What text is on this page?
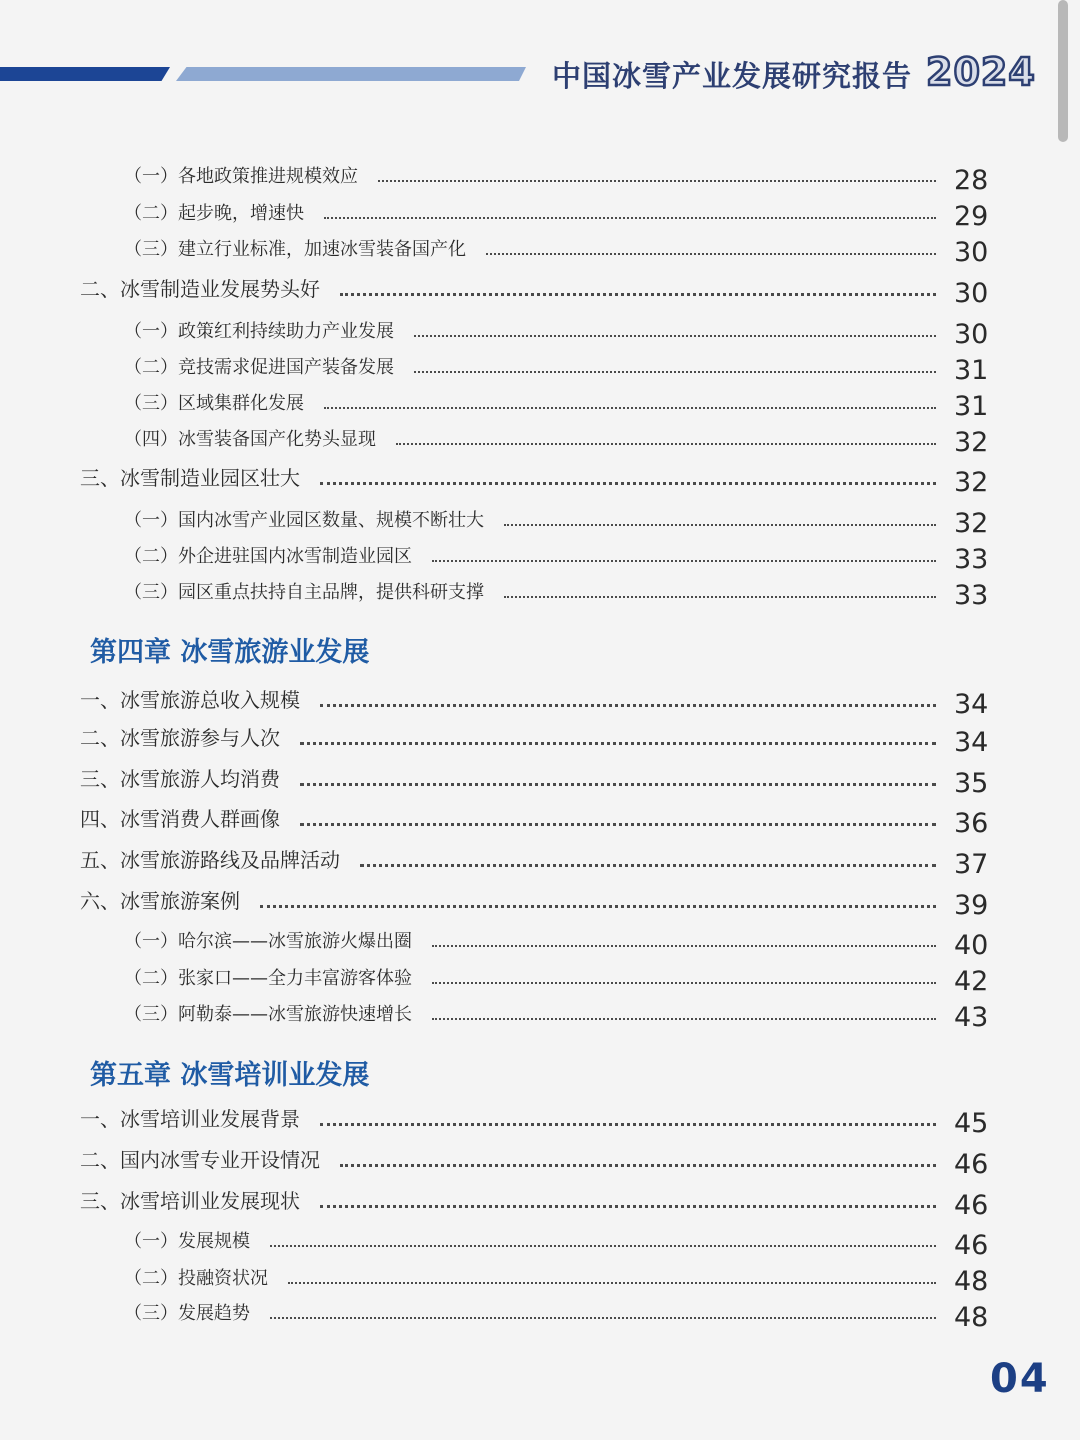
中国冰雪产业发展研究报告 2024
（一）各地政策推进规模效应	28
（二）起步晚，增速快	29
（三）建立行业标准，加速冰雪装备国产化	30
二、冰雪制造业发展势头好	30
（一）政策红利持续助力产业发展	30
（二）竞技需求促进国产装备发展	31
（三）区域集群化发展	31
（四）冰雪装备国产化势头显现	32
三、冰雪制造业园区壮大	32
（一）国内冰雪产业园区数量、规模不断壮大	32
（二）外企进驻国内冰雪制造业园区	33
（三）园区重点扶持自主品牌，提供科研支撑	33
第四章 冰雪旅游业发展
一、冰雪旅游总收入规模	34
二、冰雪旅游参与人次	34
三、冰雪旅游人均消费	35
四、冰雪消费人群画像	36
五、冰雪旅游路线及品牌活动	37
六、冰雪旅游案例	39
（一）哈尔滨——冰雪旅游火爆出圈	40
（二）张家口——全力丰富游客体验	42
（三）阿勒泰——冰雪旅游快速增长	43
第五章 冰雪培训业发展
一、冰雪培训业发展背景	45
二、国内冰雪专业开设情况	46
三、冰雪培训业发展现状	46
（一）发展规模	46
（二）投融资状况	48
（三）发展趋势	48
04
